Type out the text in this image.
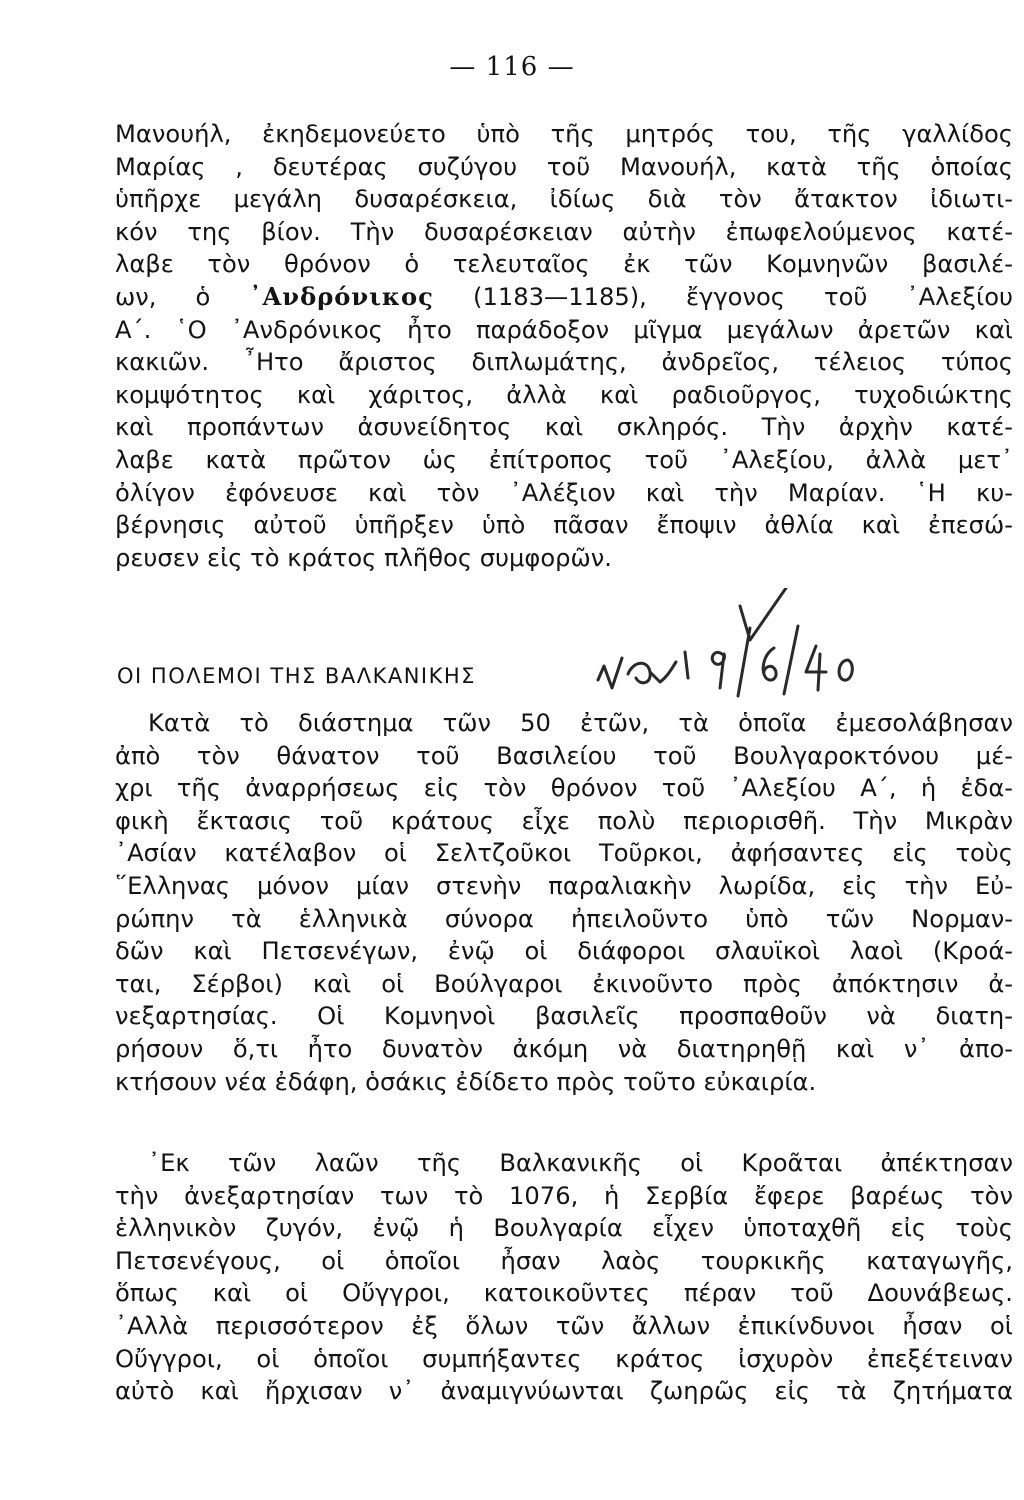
— 116 —
Μανουήλ, ἐκηδεμονεύετο ὑπὸ τῆς μητρός του, τῆς γαλλίδος
Μαρίας , δευτέρας συζύγου τοῦ Μανουήλ, κατὰ τῆς ὁποίας
ὑπῆρχε μεγάλη δυσαρέσκεια, ἰδίως διὰ τὸν ἄτακτον ἰδιωτι-
κόν της βίον. Τὴν δυσαρέσκειαν αὐτὴν ἐπωφελούμενος κατέ-
λαβε τὸν θρόνον ὁ τελευταῖος ἐκ τῶν Κομνηνῶν βασιλέ-
ων, ὁ ᾿Ανδρόνικος (1183—1185), ἔγγονος τοῦ ᾿Αλεξίου
Α΄. ῾Ο ᾿Ανδρόνικος ἦτο παράδοξον μῖγμα μεγάλων ἀρετῶν καὶ
κακιῶν. ῏Ητο ἄριστος διπλωμάτης, ἀνδρεῖος, τέλειος τύπος
κομψότητος καὶ χάριτος, ἀλλὰ καὶ ραδιοῦργος, τυχοδιώκτης
καὶ προπάντων ἀσυνείδητος καὶ σκληρός. Τὴν ἀρχὴν κατέ-
λαβε κατὰ πρῶτον ὡς ἐπίτροπος τοῦ ᾿Αλεξίου, ἀλλὰ μετ᾿
ὀλίγον ἐφόνευσε καὶ τὸν ᾿Αλέξιον καὶ τὴν Μαρίαν. ῾Η κυ-
βέρνησις αὐτοῦ ὑπῆρξεν ὑπὸ πᾶσαν ἔποψιν ἀθλία καὶ ἐπεσώ-
ρευσεν εἰς τὸ κράτος πλῆθος συμφορῶν.
ΟΙ ΠΟΛΕΜΟΙ ΤΗΣ ΒΑΛΚΑΝΙΚΗΣ
ναι 9/6/40
Κατὰ τὸ διάστημα τῶν 50 ἐτῶν, τὰ ὁποῖα ἐμεσολάβησαν
ἀπὸ τὸν θάνατον τοῦ Βασιλείου τοῦ Βουλγαροκτόνου μέ-
χρι τῆς ἀναρρήσεως εἰς τὸν θρόνον τοῦ ᾿Αλεξίου Α΄, ἡ ἐδα-
φικὴ ἔκτασις τοῦ κράτους εἶχε πολὺ περιορισθῆ. Τὴν Μικρὰν
᾿Ασίαν κατέλαβον οἱ Σελτζοῦκοι Τοῦρκοι, ἀφήσαντες εἰς τοὺς
῞Ελληνας μόνον μίαν στενὴν παραλιακὴν λωρίδα, εἰς τὴν Εὐ-
ρώπην τὰ ἑλληνικὰ σύνορα ἠπειλοῦντο ὑπὸ τῶν Νορμαν-
δῶν καὶ Πετσενέγων, ἐνῷ οἱ διάφοροι σλαυϊκοὶ λαοὶ (Κροά-
ται, Σέρβοι) καὶ οἱ Βούλγαροι ἐκινοῦντο πρὸς ἀπόκτησιν ἀ-
νεξαρτησίας. Οἱ Κομνηνοὶ βασιλεῖς προσπαθοῦν νὰ διατη-
ρήσουν ὅ,τι ἦτο δυνατὸν ἀκόμη νὰ διατηρηθῇ καὶ ν᾿ ἀπο-
κτήσουν νέα ἐδάφη, ὁσάκις ἐδίδετο πρὸς τοῦτο εὐκαιρία.
᾿Εκ τῶν λαῶν τῆς Βαλκανικῆς οἱ Κροᾶται ἀπέκτησαν
τὴν ἀνεξαρτησίαν των τὸ 1076, ἡ Σερβία ἔφερε βαρέως τὸν
ἑλληνικὸν ζυγόν, ἐνῷ ἡ Βουλγαρία εἶχεν ὑποταχθῆ εἰς τοὺς
Πετσενέγους, οἱ ὁποῖοι ἦσαν λαὸς τουρκικῆς καταγωγῆς,
ὅπως καὶ οἱ Οὔγγροι, κατοικοῦντες πέραν τοῦ Δουνάβεως.
᾿Αλλὰ περισσότερον ἐξ ὅλων τῶν ἄλλων ἐπικίνδυνοι ἦσαν οἱ
Οὔγγροι, οἱ ὁποῖοι συμπήξαντες κράτος ἰσχυρὸν ἐπεξέτειναν
αὐτὸ καὶ ἤρχισαν ν᾿ ἀναμιγνύωνται ζωηρῶς εἰς τὰ ζητήματα
